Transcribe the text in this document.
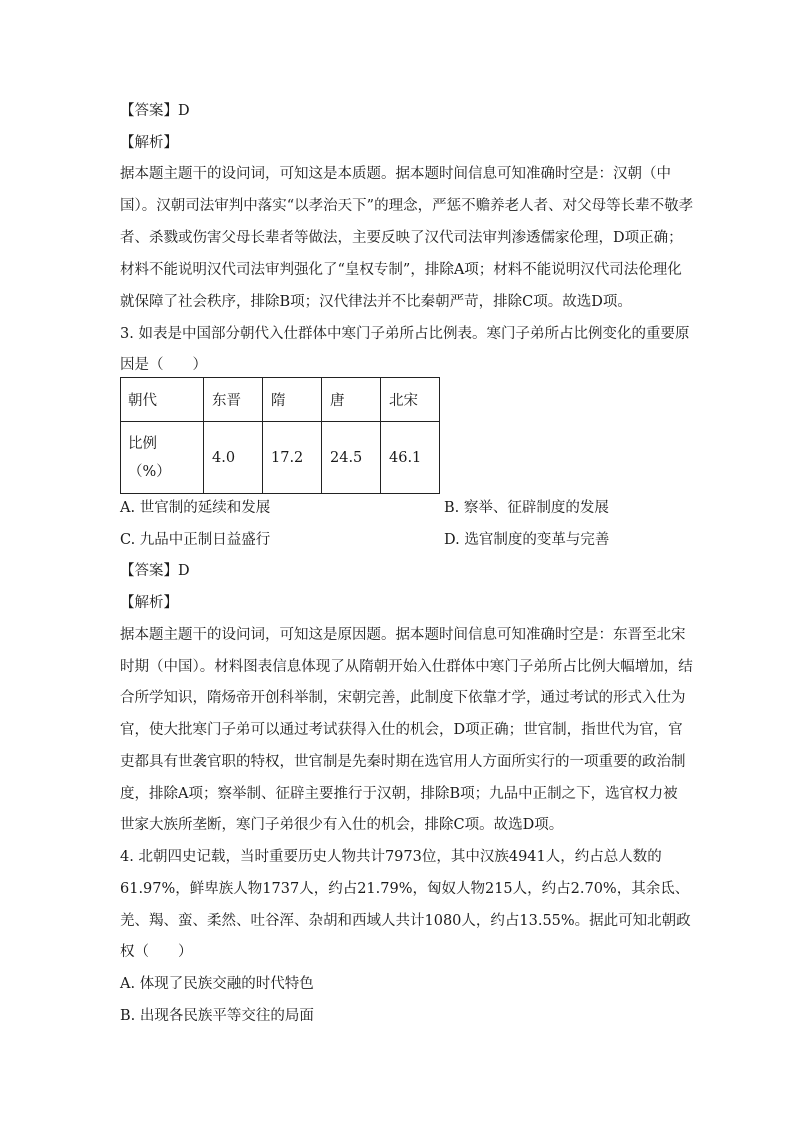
【答案】D
【解析】
据本题主题干的设问词，可知这是本质题。据本题时间信息可知准确时空是：汉朝（中
国）。汉朝司法审判中落实“以孝治天下”的理念，严惩不赡养老人者、对父母等长辈不敬孝
者、杀戮或伤害父母长辈者等做法，主要反映了汉代司法审判渗透儒家伦理，D项正确；
材料不能说明汉代司法审判强化了“皇权专制”，排除A项；材料不能说明汉代司法伦理化
就保障了社会秩序，排除B项；汉代律法并不比秦朝严苛，排除C项。故选D项。
3. 如表是中国部分朝代入仕群体中寒门子弟所占比例表。寒门子弟所占比例变化的重要原
因是（　　）
朝代	东晋	隋	唐	北宋

比例
（%）	4.0	17.2	24.5	46.1
A. 世官制的延续和发展	B. 察举、征辟制度的发展
C. 九品中正制日益盛行	D. 选官制度的变革与完善
【答案】D
【解析】
据本题主题干的设问词，可知这是原因题。据本题时间信息可知准确时空是：东晋至北宋
时期（中国）。材料图表信息体现了从隋朝开始入仕群体中寒门子弟所占比例大幅增加，结
合所学知识，隋炀帝开创科举制，宋朝完善，此制度下依靠才学，通过考试的形式入仕为
官，使大批寒门子弟可以通过考试获得入仕的机会，D项正确；世官制，指世代为官，官
吏都具有世袭官职的特权，世官制是先秦时期在选官用人方面所实行的一项重要的政治制
度，排除A项；察举制、征辟主要推行于汉朝，排除B项；九品中正制之下，选官权力被
世家大族所垄断，寒门子弟很少有入仕的机会，排除C项。故选D项。
4. 北朝四史记载，当时重要历史人物共计7973位，其中汉族4941人，约占总人数的
61.97%，鲜卑族人物1737人，约占21.79%，匈奴人物215人，约占2.70%，其余氐、
羌、羯、蛮、柔然、吐谷浑、杂胡和西域人共计1080人，约占13.55%。据此可知北朝政
权（　　）
A. 体现了民族交融的时代特色
B. 出现各民族平等交往的局面
